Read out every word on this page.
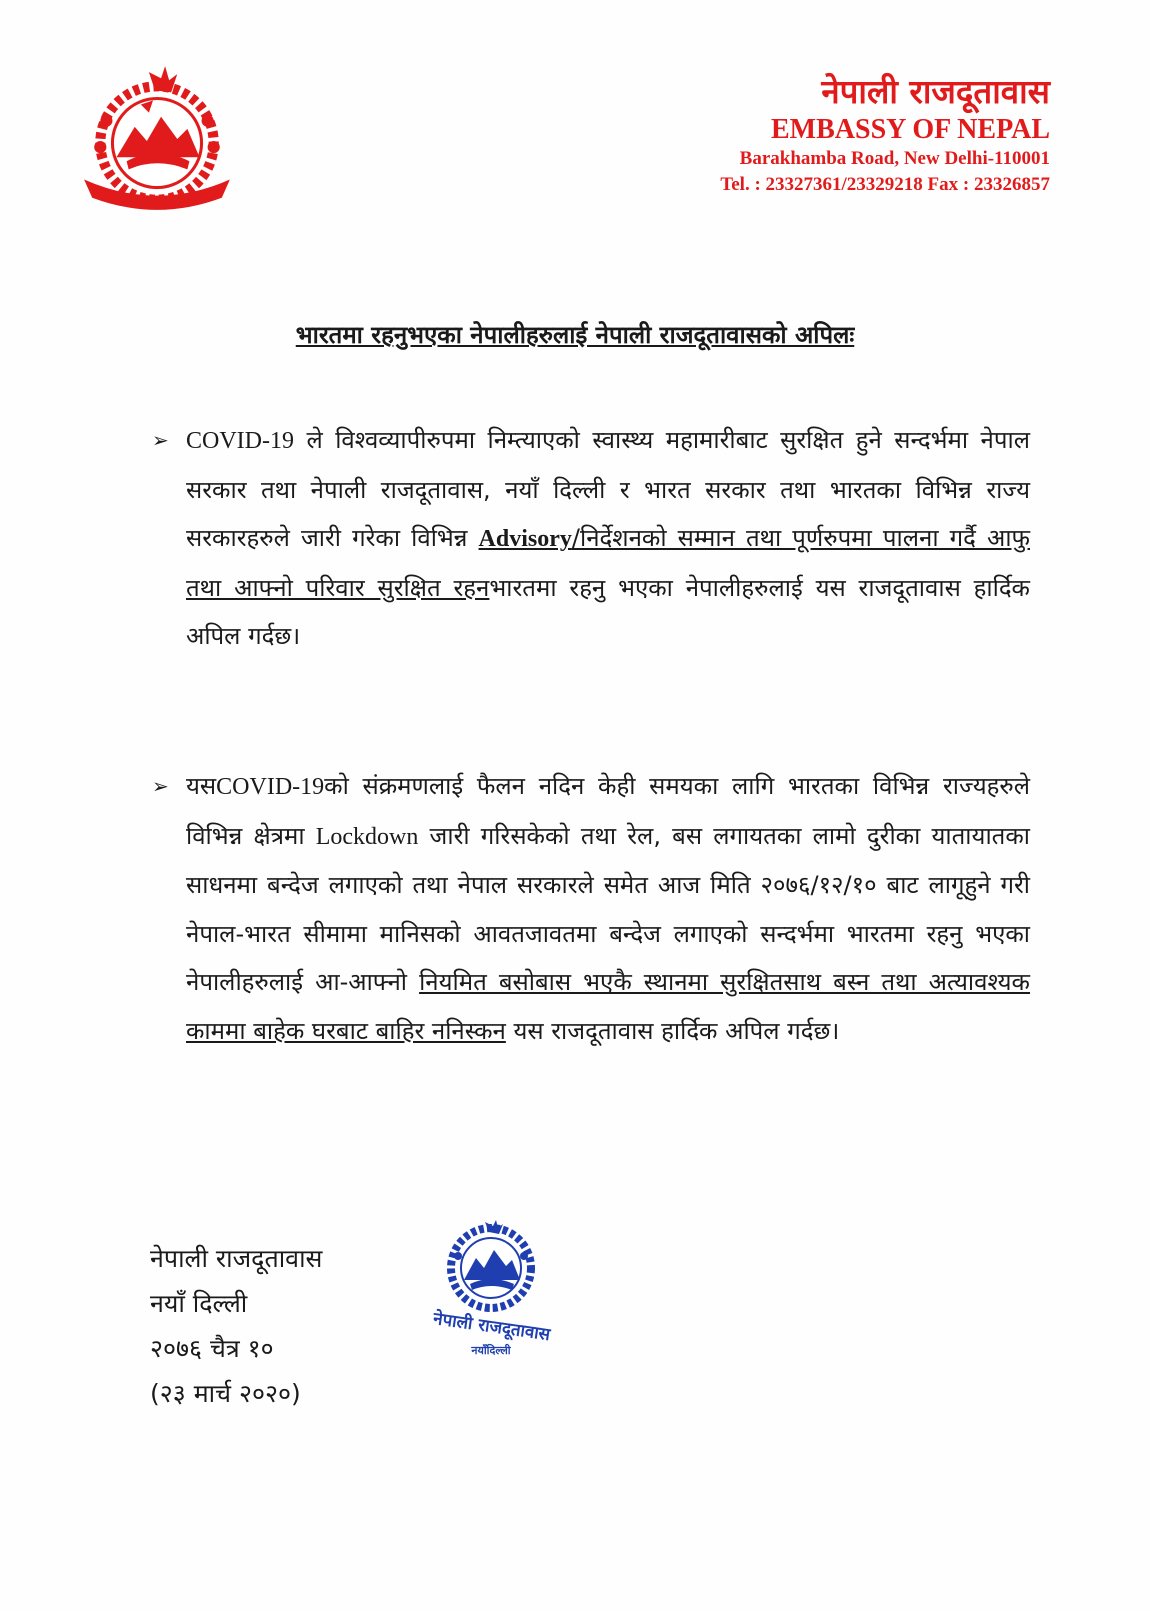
नेपाली राजदूतावास
EMBASSY OF NEPAL
Barakhamba Road, New Delhi-110001
Tel. : 23327361/23329218 Fax : 23326857
भारतमा रहनुभएका नेपालीहरुलाई नेपाली राजदूतावासको अपिलः
➢ COVID-19 ले विश्वव्यापीरुपमा निम्त्याएको स्वास्थ्य महामारीबाट सुरक्षित हुने सन्दर्भमा नेपाल सरकार तथा नेपाली राजदूतावास, नयाँ दिल्ली र भारत सरकार तथा भारतका विभिन्न राज्य सरकारहरुले जारी गरेका विभिन्न Advisory/निर्देशनको सम्मान तथा पूर्णरुपमा पालना गर्दै आफु तथा आफ्नो परिवार सुरक्षित रहनभारतमा रहनु भएका नेपालीहरुलाई यस राजदूतावास हार्दिक अपिल गर्दछ।
➢ यसCOVID-19को संक्रमणलाई फैलन नदिन केही समयका लागि भारतका विभिन्न राज्यहरुले विभिन्न क्षेत्रमा Lockdown जारी गरिसकेको तथा रेल, बस लगायतका लामो दुरीका यातायातका साधनमा बन्देज लगाएको तथा नेपाल सरकारले समेत आज मिति २०७६/१२/१० बाट लागूहुने गरी नेपाल-भारत सीमामा मानिसको आवतजावतमा बन्देज लगाएको सन्दर्भमा भारतमा रहनु भएका नेपालीहरुलाई आ-आफ्नो नियमित बसोबास भएकै स्थानमा सुरक्षितसाथ बस्न तथा अत्यावश्यक काममा बाहेक घरबाट बाहिर ननिस्कन यस राजदूतावास हार्दिक अपिल गर्दछ।
नेपाली राजदूतावास
नयाँ दिल्ली
२०७६ चैत्र १०
(२३ मार्च २०२०)
नेपाली राजदूतावास
नयाँदिल्ली
